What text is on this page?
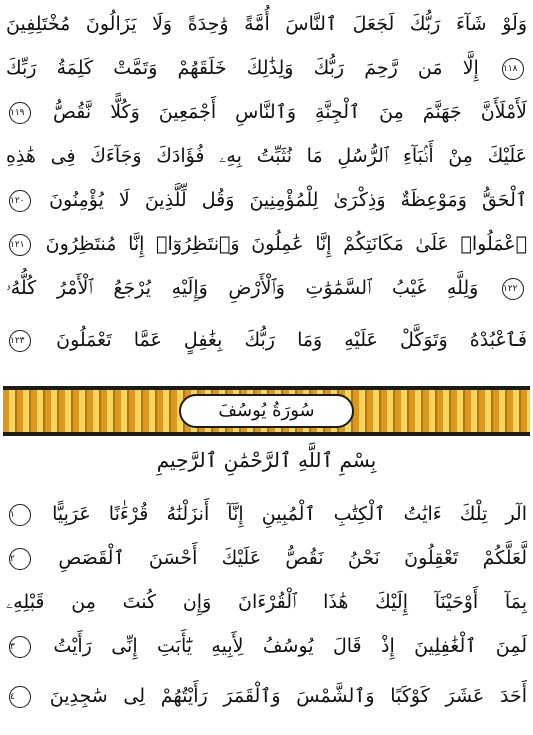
وَلَوْ شَآءَ رَبُّكَ لَجَعَلَ ٱلنَّاسَ أُمَّةً وَٰحِدَةً وَلَا يَزَالُونَ مُخْتَلِفِينَ
١١٨ إِلَّا مَن رَّحِمَ رَبُّكَ وَلِذَٰلِكَ خَلَقَهُمْ وَتَمَّتْ كَلِمَةُ رَبِّكَ
لَأَمْلَأَنَّ جَهَنَّمَ مِنَ ٱلْجِنَّةِ وَٱلنَّاسِ أَجْمَعِينَ وَكُلًّا نَّقُصُّ ١١٩
عَلَيْكَ مِنْ أَنۢبَآءِ ٱلرُّسُلِ مَا نُثَبِّتُ بِهِۦ فُؤَادَكَ وَجَآءَكَ فِى هَٰذِهِ
ٱلْحَقُّ وَمَوْعِظَةٌ وَذِكْرَىٰ لِلْمُؤْمِنِينَ وَقُل لِّلَّذِينَ لَا يُؤْمِنُونَ ١٢٠
ٱعْمَلُوا۟ عَلَىٰ مَكَانَتِكُمْ إِنَّا عَٰمِلُونَ وَٱنتَظِرُوٓا۟ إِنَّا مُنتَظِرُونَ ١٢١
١٢٢ وَلِلَّهِ غَيْبُ ٱلسَّمَٰوَٰتِ وَٱلْأَرْضِ وَإِلَيْهِ يُرْجَعُ ٱلْأَمْرُ كُلُّهُۥ
فَٱعْبُدْهُ وَتَوَكَّلْ عَلَيْهِ وَمَا رَبُّكَ بِغَٰفِلٍ عَمَّا تَعْمَلُونَ ١٢٣
سُورَةُ يُوسُفَ
بِسْمِ ٱللَّهِ ٱلرَّحْمَٰنِ ٱلرَّحِيمِ
الٓر تِلْكَ ءَايَٰتُ ٱلْكِتَٰبِ ٱلْمُبِينِ إِنَّآ أَنزَلْنَٰهُ قُرْءَٰنًا عَرَبِيًّا ١
لَّعَلَّكُمْ تَعْقِلُونَ نَحْنُ نَقُصُّ عَلَيْكَ أَحْسَنَ ٱلْقَصَصِ ٢
بِمَآ أَوْحَيْنَآ إِلَيْكَ هَٰذَا ٱلْقُرْءَانَ وَإِن كُنتَ مِن قَبْلِهِۦ
لَمِنَ ٱلْغَٰفِلِينَ إِذْ قَالَ يُوسُفُ لِأَبِيهِ يَٰٓأَبَتِ إِنِّى رَأَيْتُ ٣
أَحَدَ عَشَرَ كَوْكَبًا وَٱلشَّمْسَ وَٱلْقَمَرَ رَأَيْتُهُمْ لِى سَٰجِدِينَ ٤
